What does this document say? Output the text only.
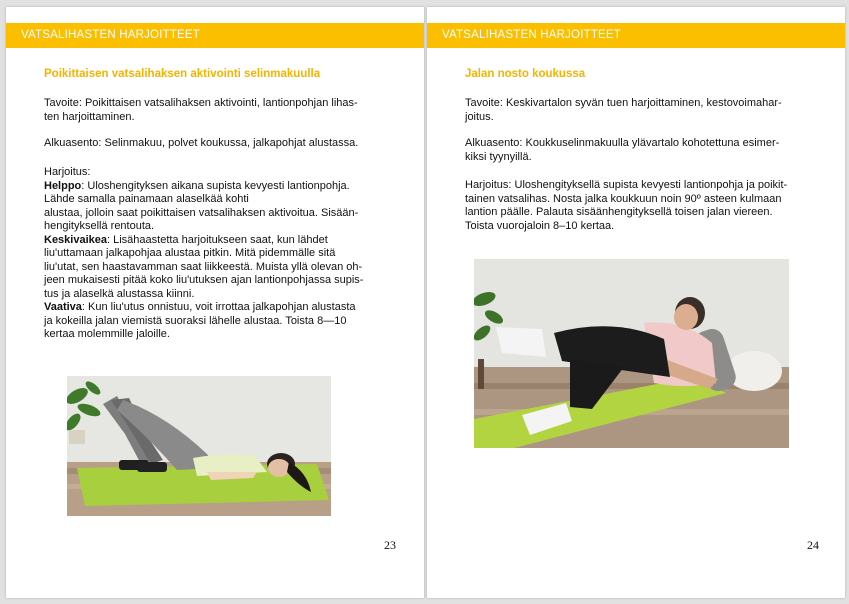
VATSALIHASTEN HARJOITTEET
Poikittaisen vatsalihaksen aktivointi selinmakuulla

Tavoite: Poikittaisen vatsalihaksen aktivointi, lantionpohjan lihas-
ten harjoittaminen.

Alkuasento: Selinmakuu, polvet koukussa, jalkapohjat alustassa.

Harjoitus:
Helppo: Uloshengityksen aikana supista kevyesti lantionpohja.
Lähde samalla painamaan alaselkää kohti
alustaa, jolloin saat poikittaisen vatsalihaksen aktivoitua. Sisään-
hengityksellä rentouta.
Keskivaikea: Lisähaastetta harjoitukseen saat, kun lähdet
liu'uttamaan jalkapohjaa alustaa pitkin. Mitä pidemmälle sitä
liu'utat, sen haastavamman saat liikkeestä. Muista yllä olevan oh-
jeen mukaisesti pitää koko liu'utuksen ajan lantionpohjassa supis-
tus ja alaselkä alustassa kiinni.
Vaativa: Kun liu'utus onnistuu, voit irrottaa jalkapohjan alustasta
ja kokeilla jalan viemistä suoraksi lähelle alustaa. Toista 8—10
kertaa molemmille jaloille.

23
VATSALIHASTEN HARJOITTEET
Jalan nosto koukussa

Tavoite: Keskivartalon syvän tuen harjoittaminen, kestovoimahar-
joitus.

Alkuasento: Koukkuselinmakuulla ylävartalo kohotettuna esimer-
kiksi tyynyillä.

Harjoitus: Uloshengityksellä supista kevyesti lantionpohja ja poikit-
tainen vatsalihas. Nosta jalka koukkuun noin 90º asteen kulmaan
lantion päälle. Palauta sisäänhengityksellä toisen jalan viereen.
Toista vuorojaloin 8–10 kertaa.

24
